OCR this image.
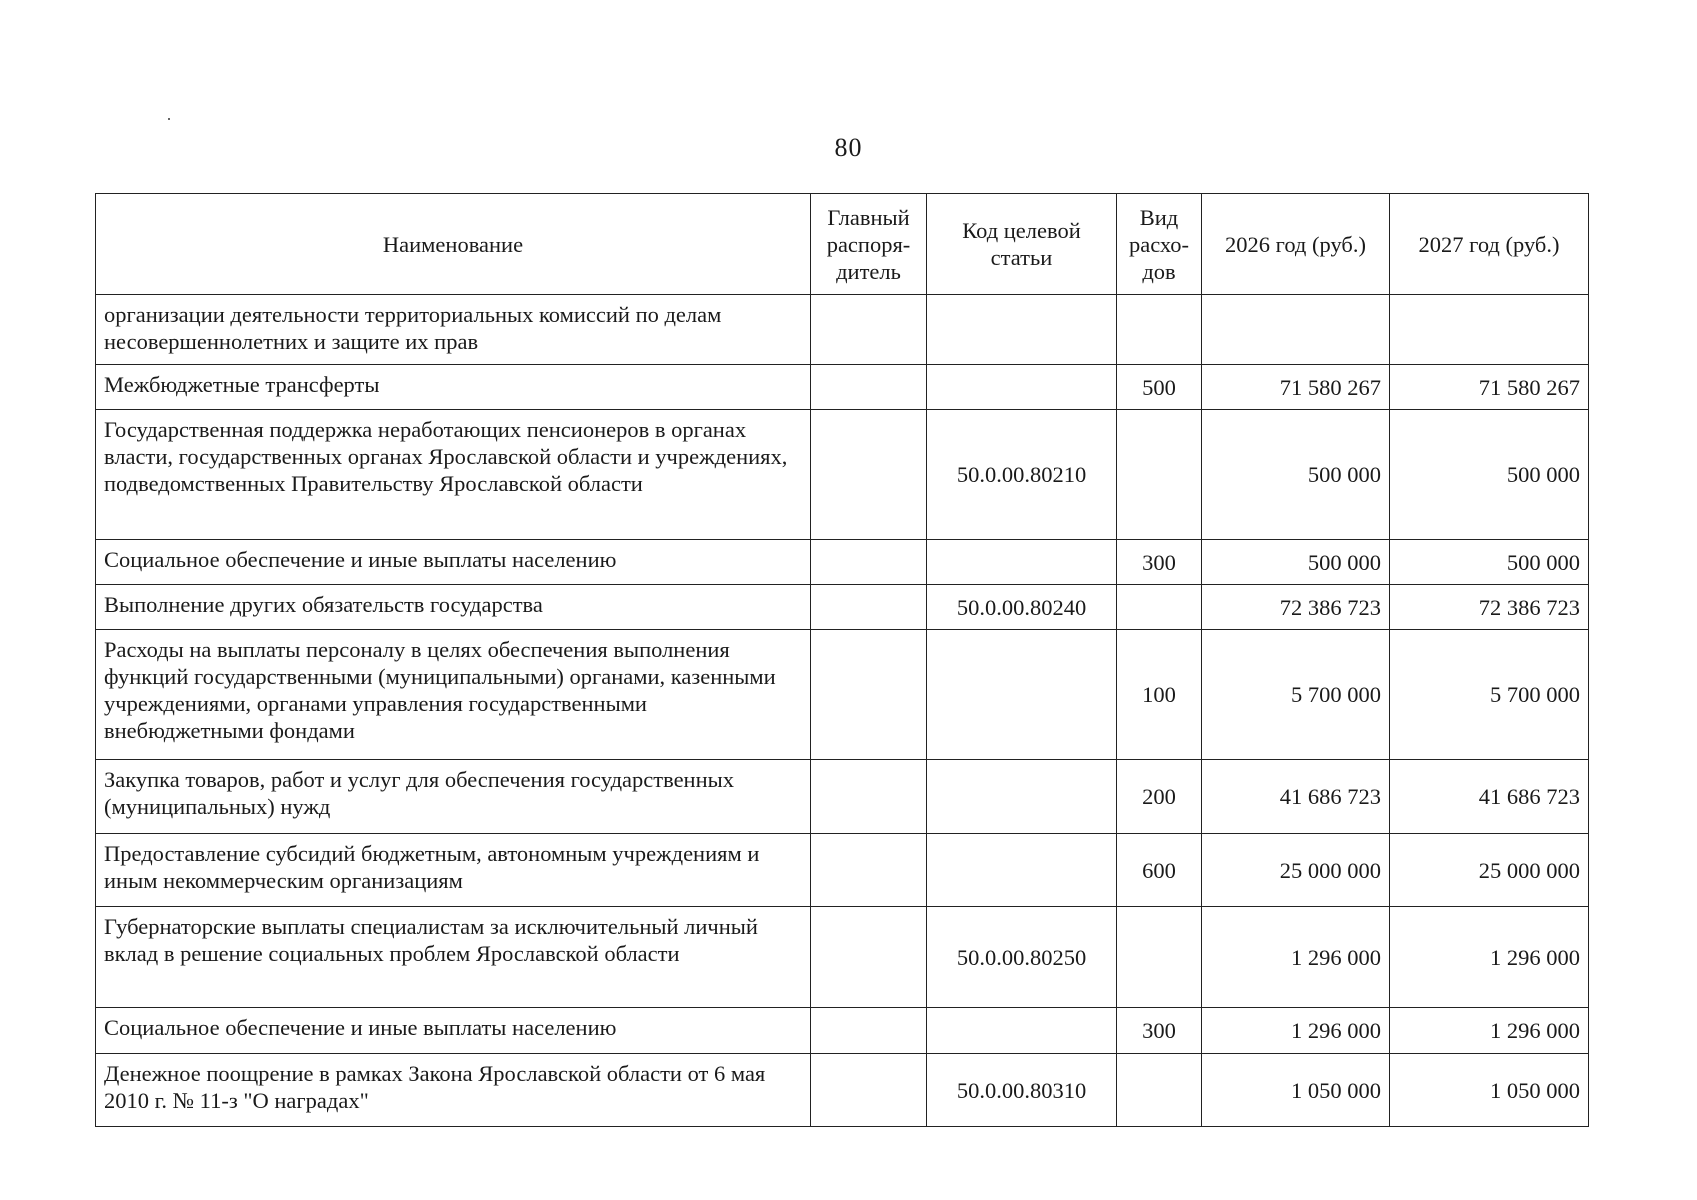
80
Наименование	Главный распоря-дитель	Код целевой статьи	Вид расхо-дов	2026 год (руб.)	2027 год (руб.)
организации деятельности территориальных комиссий по делам несовершеннолетних и защите их прав					
Межбюджетные трансферты			500	71 580 267	71 580 267
Государственная поддержка неработающих пенсионеров в органах власти, государственных органах Ярославской области и учреждениях, подведомственных Правительству Ярославской области		50.0.00.80210		500 000	500 000
Социальное обеспечение и иные выплаты населению			300	500 000	500 000
Выполнение других обязательств государства		50.0.00.80240		72 386 723	72 386 723
Расходы на выплаты персоналу в целях обеспечения выполнения функций государственными (муниципальными) органами, казенными учреждениями, органами управления государственными внебюджетными фондами			100	5 700 000	5 700 000
Закупка товаров, работ и услуг для обеспечения государственных (муниципальных) нужд			200	41 686 723	41 686 723
Предоставление субсидий бюджетным, автономным учреждениям и иным некоммерческим организациям			600	25 000 000	25 000 000
Губернаторские выплаты специалистам за исключительный личный вклад в решение социальных проблем Ярославской области		50.0.00.80250		1 296 000	1 296 000
Социальное обеспечение и иные выплаты населению			300	1 296 000	1 296 000
Денежное поощрение в рамках Закона Ярославской области от 6 мая 2010 г. № 11-з "О наградах"		50.0.00.80310		1 050 000	1 050 000
